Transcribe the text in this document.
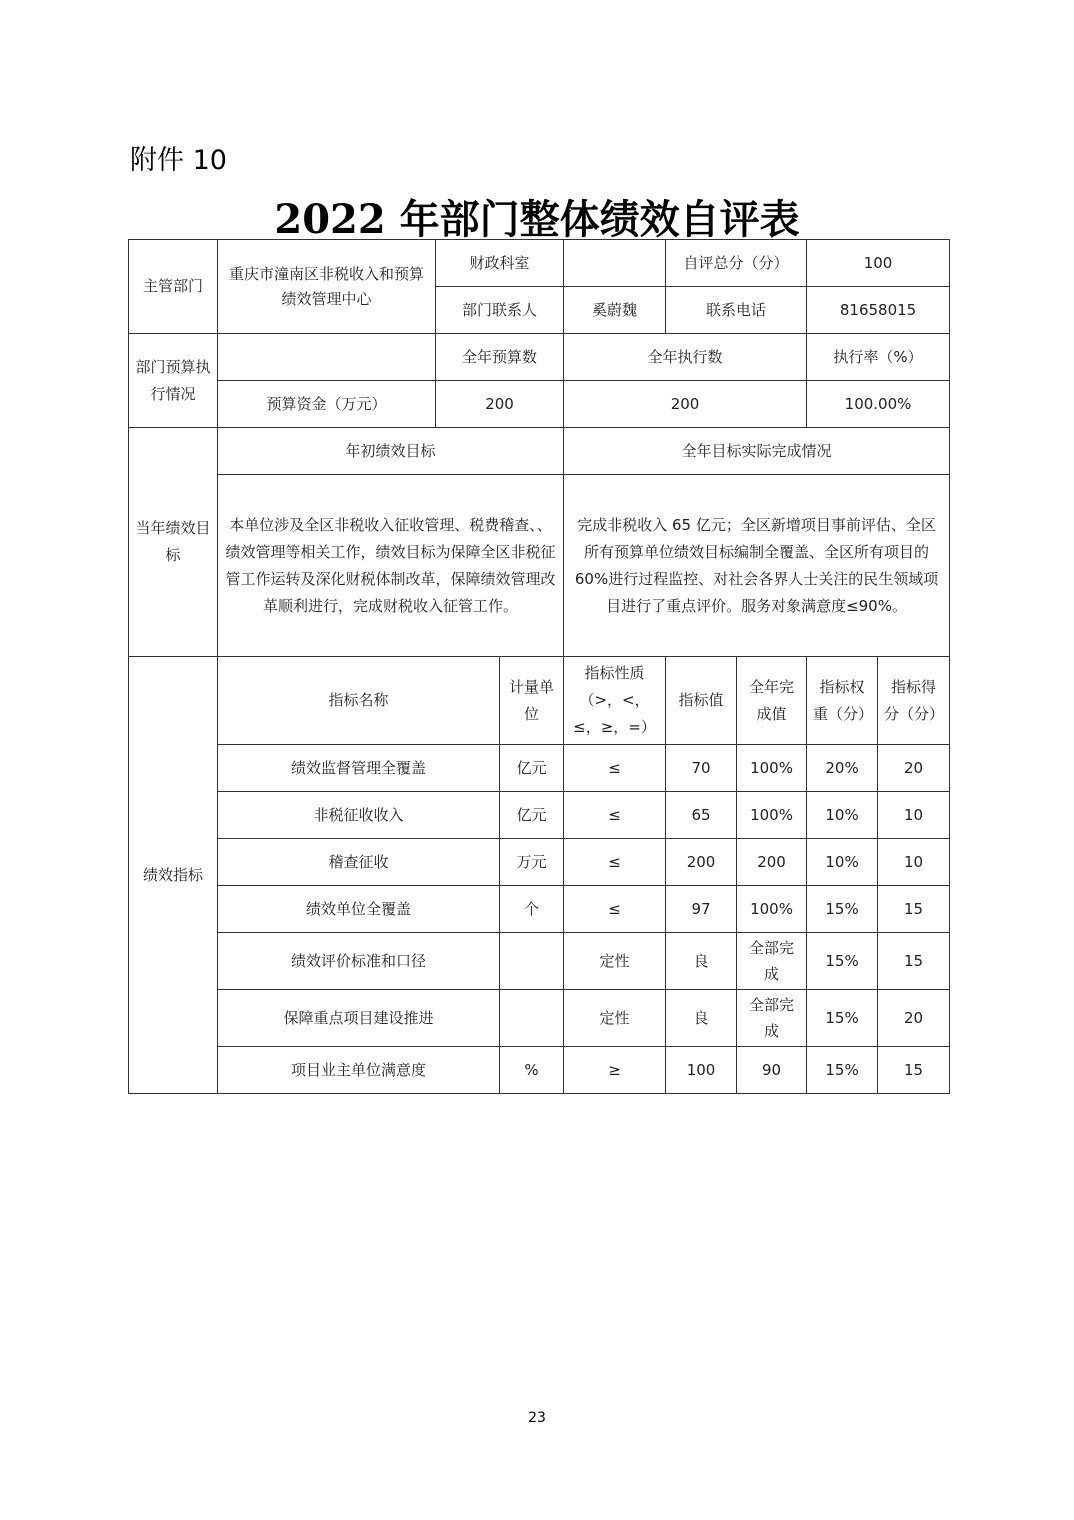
附件 10
2022 年部门整体绩效自评表
主管部门	重庆市潼南区非税收入和预算绩效管理中心	财政科室			自评总分（分）		100	
		部门联系人		奚蔚魏	联系电话		81658015	
部门预算执行情况		全年预算数		全年执行数			执行率（%）	
	预算资金（万元）	200		200			100.00%	
当年绩效目标	年初绩效目标			全年目标实际完成情况				
	本单位涉及全区非税收入征收管理、税费稽查、、绩效管理等相关工作，绩效目标为保障全区非税征管工作运转及深化财税体制改革，保障绩效管理改革顺利进行，完成财税收入征管工作。			完成非税收入 65 亿元；全区新增项目事前评估、全区所有预算单位绩效目标编制全覆盖、全区所有项目的 60%进行过程监控、对社会各界人士关注的民生领域项目进行了重点评价。服务对象满意度≤90%。				
绩效指标	指标名称		计量单位	指标性质（>，<，≤，≥，=）	指标值	全年完成值	指标权重（分）	指标得分（分）
	绩效监督管理全覆盖		亿元	≤	70	100%	20%	20
	非税征收收入		亿元	≤	65	100%	10%	10
	稽查征收		万元	≤	200	200	10%	10
	绩效单位全覆盖		个	≤	97	100%	15%	15
	绩效评价标准和口径			定性	良	全部完成	15%	15
	保障重点项目建设推进			定性	良	全部完成	15%	20
	项目业主单位满意度		%	≥	100	90	15%	15
23
